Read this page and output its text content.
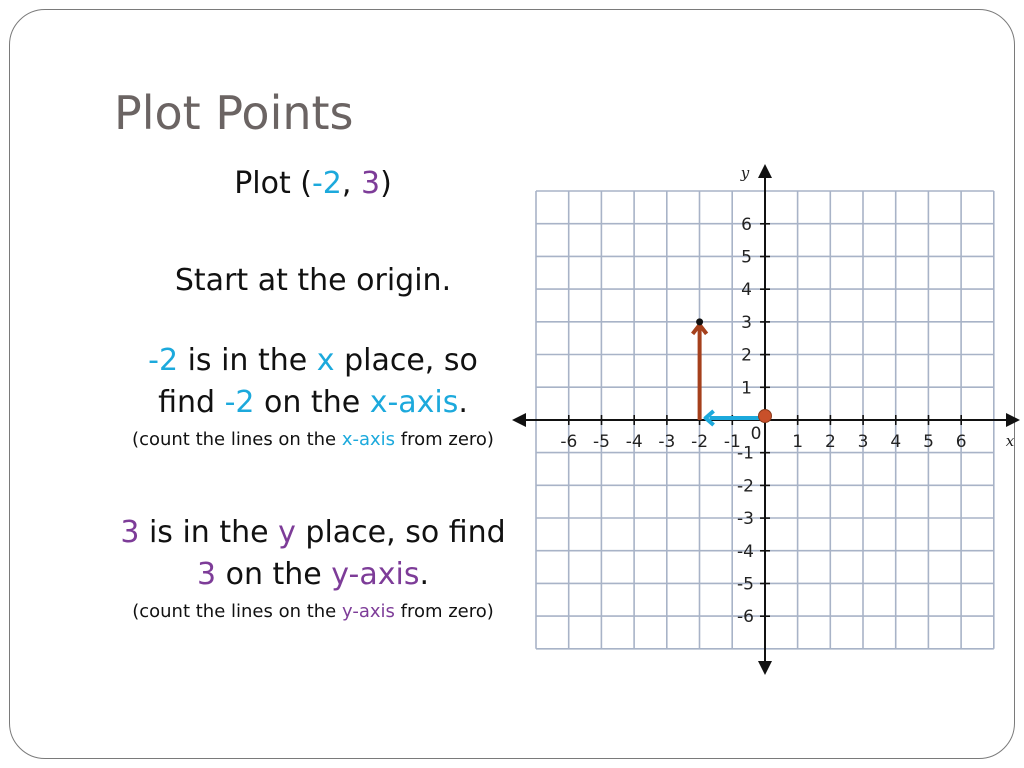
Plot Points
Plot (-2, 3)
Start at the origin.
-2 is in the x place, so find -2 on the x-axis.
(count the lines on the x-axis from zero)
3 is in the y place, so find 3 on the y-axis.
(count the lines on the y-axis from zero)
-6 -5 -4 -3 -2 -1	1 2 3 4 5 6
6
5
4
3
2
1
-1
-2
-3
-4
-5
-6
0	x
y
